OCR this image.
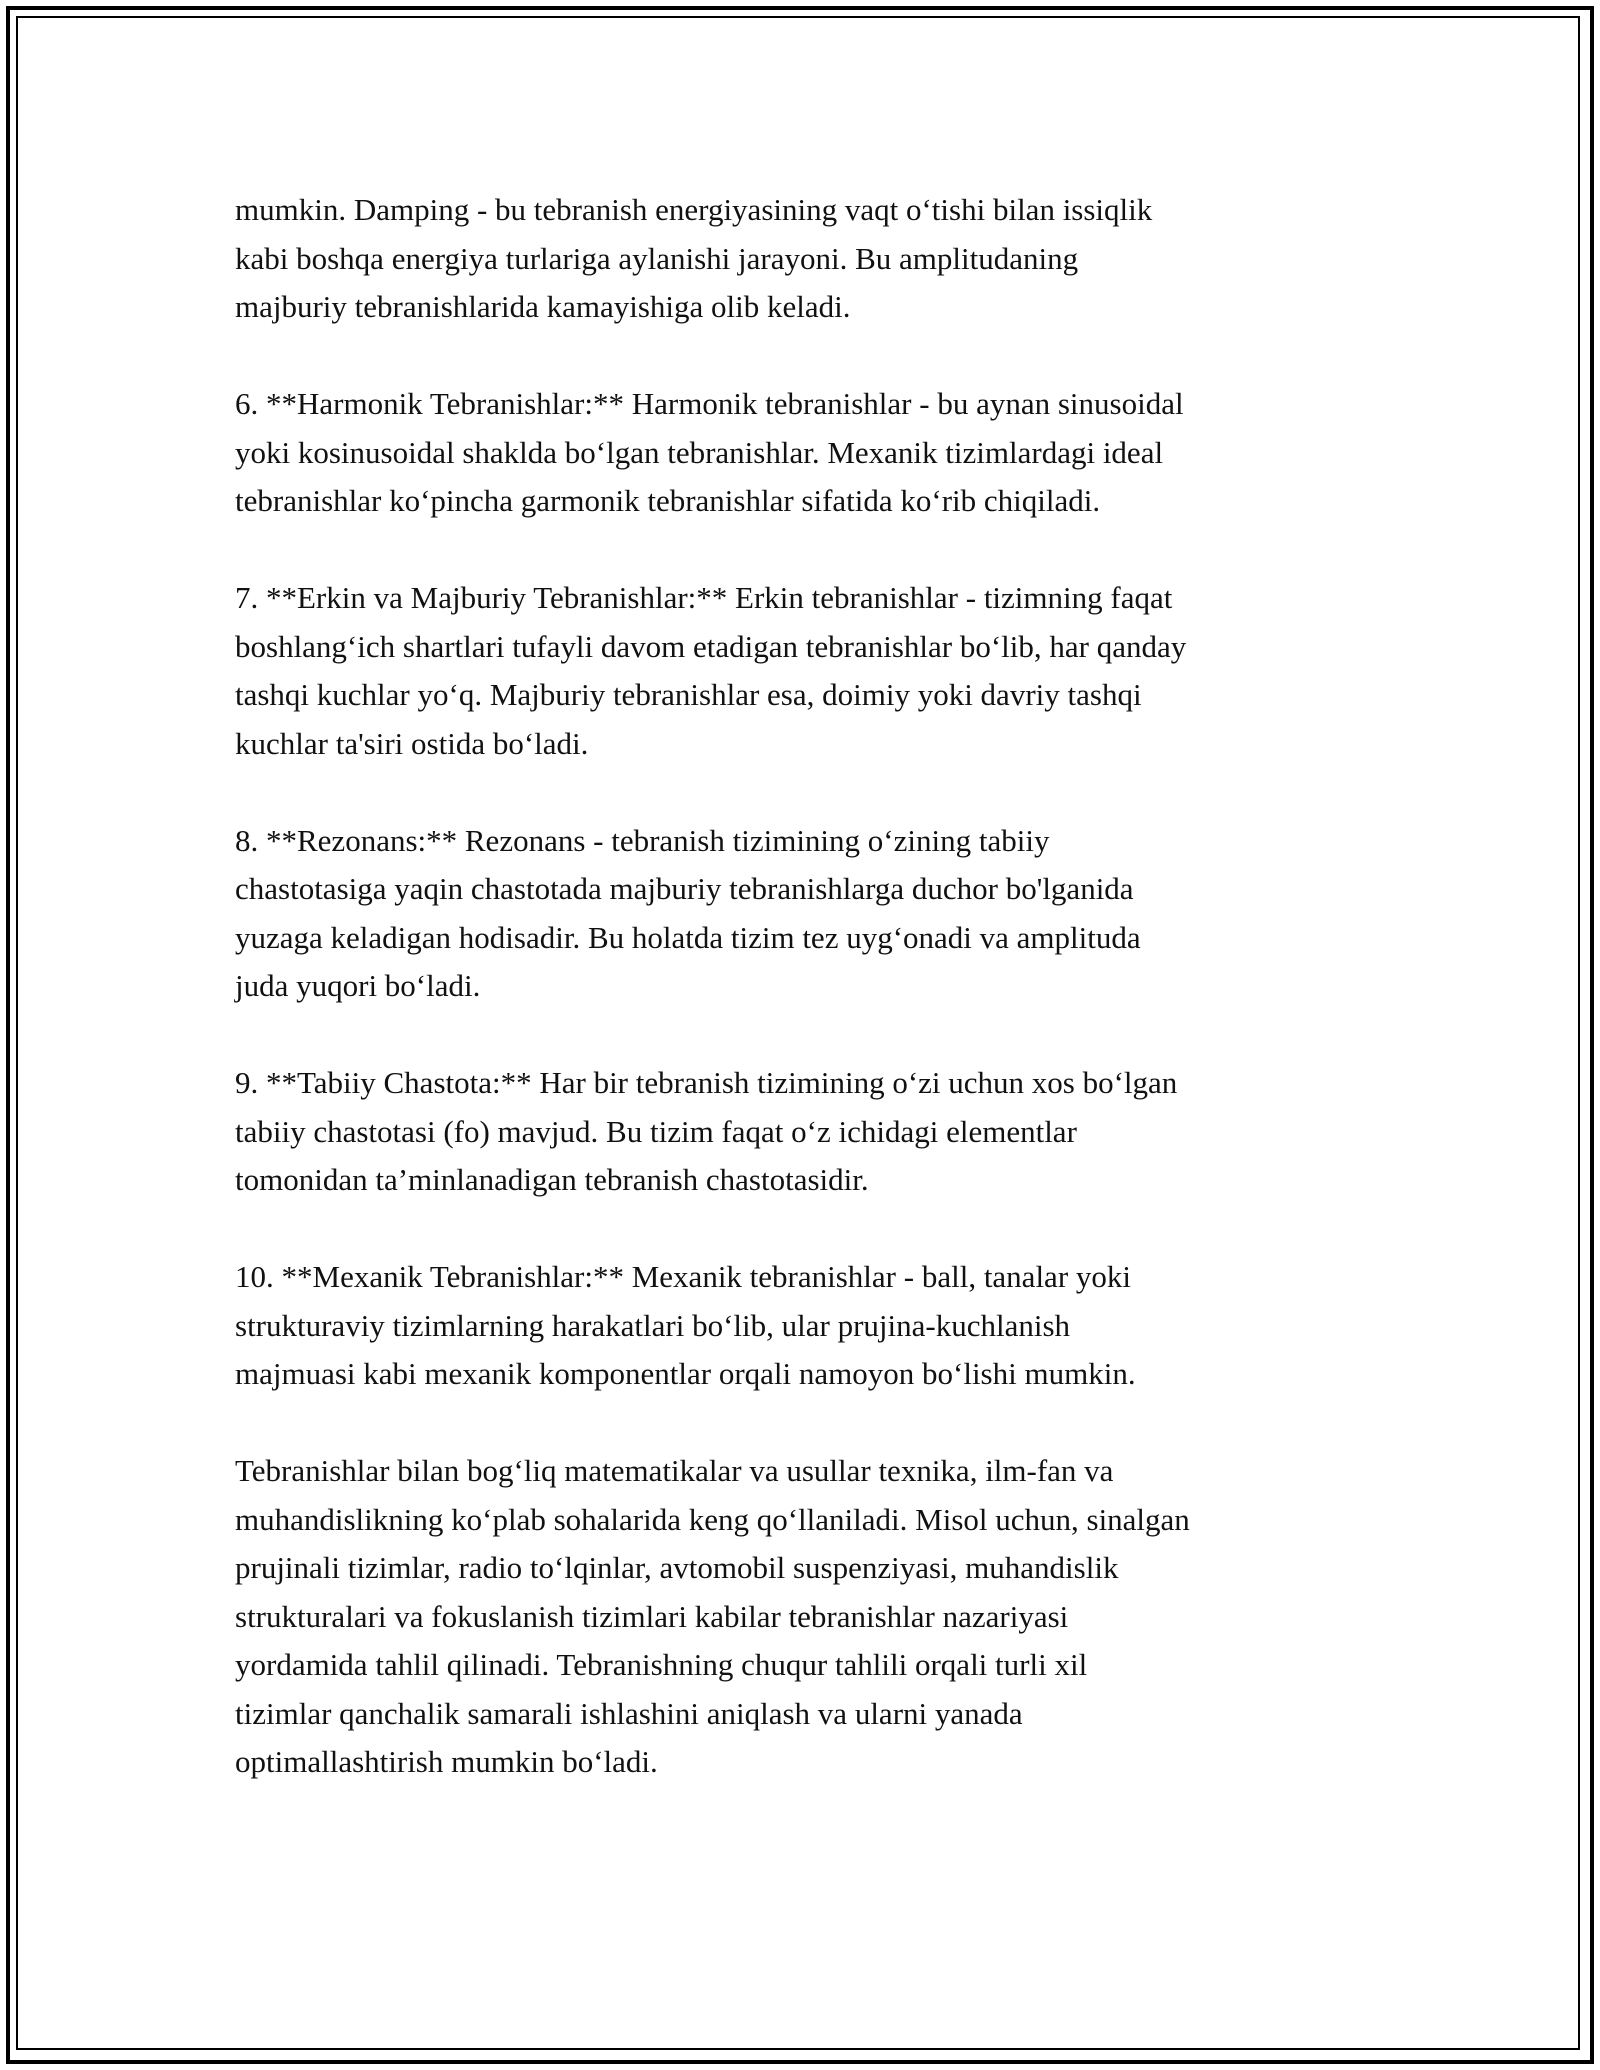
mumkin. Damping - bu tebranish energiyasining vaqt o‘tishi bilan issiqlik
kabi boshqa energiya turlariga aylanishi jarayoni. Bu amplitudaning
majburiy tebranishlarida kamayishiga olib keladi.

6. **Harmonik Tebranishlar:** Harmonik tebranishlar - bu aynan sinusoidal
yoki kosinusoidal shaklda bo‘lgan tebranishlar. Mexanik tizimlardagi ideal
tebranishlar ko‘pincha garmonik tebranishlar sifatida ko‘rib chiqiladi.

7. **Erkin va Majburiy Tebranishlar:** Erkin tebranishlar - tizimning faqat
boshlang‘ich shartlari tufayli davom etadigan tebranishlar bo‘lib, har qanday
tashqi kuchlar yo‘q. Majburiy tebranishlar esa, doimiy yoki davriy tashqi
kuchlar ta'siri ostida bo‘ladi.

8. **Rezonans:** Rezonans - tebranish tizimining o‘zining tabiiy
chastotasiga yaqin chastotada majburiy tebranishlarga duchor bo'lganida
yuzaga keladigan hodisadir. Bu holatda tizim tez uyg‘onadi va amplituda
juda yuqori bo‘ladi.

9. **Tabiiy Chastota:** Har bir tebranish tizimining o‘zi uchun xos bo‘lgan
tabiiy chastotasi (fo) mavjud. Bu tizim faqat o‘z ichidagi elementlar
tomonidan ta’minlanadigan tebranish chastotasidir.

10. **Mexanik Tebranishlar:** Mexanik tebranishlar - ball, tanalar yoki
strukturaviy tizimlarning harakatlari bo‘lib, ular prujina-kuchlanish
majmuasi kabi mexanik komponentlar orqali namoyon bo‘lishi mumkin.

Tebranishlar bilan bog‘liq matematikalar va usullar texnika, ilm-fan va
muhandislikning ko‘plab sohalarida keng qo‘llaniladi. Misol uchun, sinalgan
prujinali tizimlar, radio to‘lqinlar, avtomobil suspenziyasi, muhandislik
strukturalari va fokuslanish tizimlari kabilar tebranishlar nazariyasi
yordamida tahlil qilinadi. Tebranishning chuqur tahlili orqali turli xil
tizimlar qanchalik samarali ishlashini aniqlash va ularni yanada
optimallashtirish mumkin bo‘ladi.
